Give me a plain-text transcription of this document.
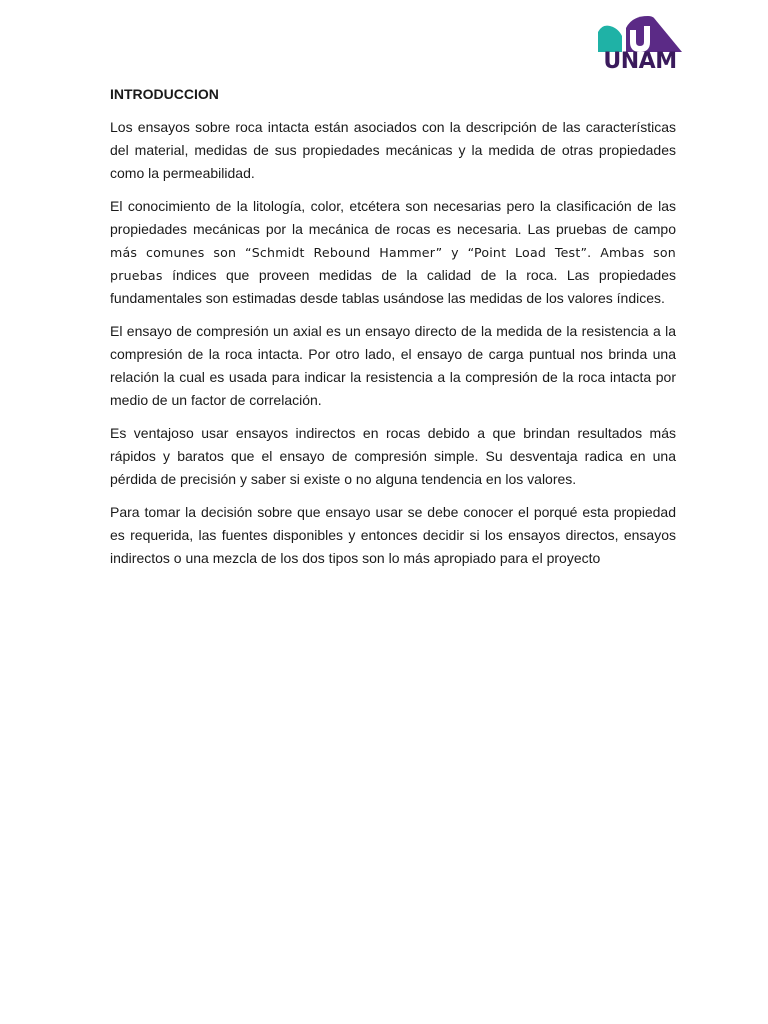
UNAM
INTRODUCCION

Los ensayos sobre roca intacta están asociados con la descripción de las características del material, medidas de sus propiedades mecánicas y la medida de otras propiedades como la permeabilidad.

El conocimiento de la litología, color, etcétera son necesarias pero la clasificación de las propiedades mecánicas por la mecánica de rocas es necesaria. Las pruebas de campo más comunes son “Schmidt Rebound Hammer” y “Point Load Test”. Ambas son pruebas índices que proveen medidas de la calidad de la roca. Las propiedades fundamentales son estimadas desde tablas usándose las medidas de los valores índices.

El ensayo de compresión un axial es un ensayo directo de la medida de la resistencia a la compresión de la roca intacta. Por otro lado, el ensayo de carga puntual nos brinda una relación la cual es usada para indicar la resistencia a la compresión de la roca intacta por medio de un factor de correlación.

Es ventajoso usar ensayos indirectos en rocas debido a que brindan resultados más rápidos y baratos que el ensayo de compresión simple. Su desventaja radica en una pérdida de precisión y saber si existe o no alguna tendencia en los valores.

Para tomar la decisión sobre que ensayo usar se debe conocer el porqué esta propiedad es requerida, las fuentes disponibles y entonces decidir si los ensayos directos, ensayos indirectos o una mezcla de los dos tipos son lo más apropiado para el proyecto
